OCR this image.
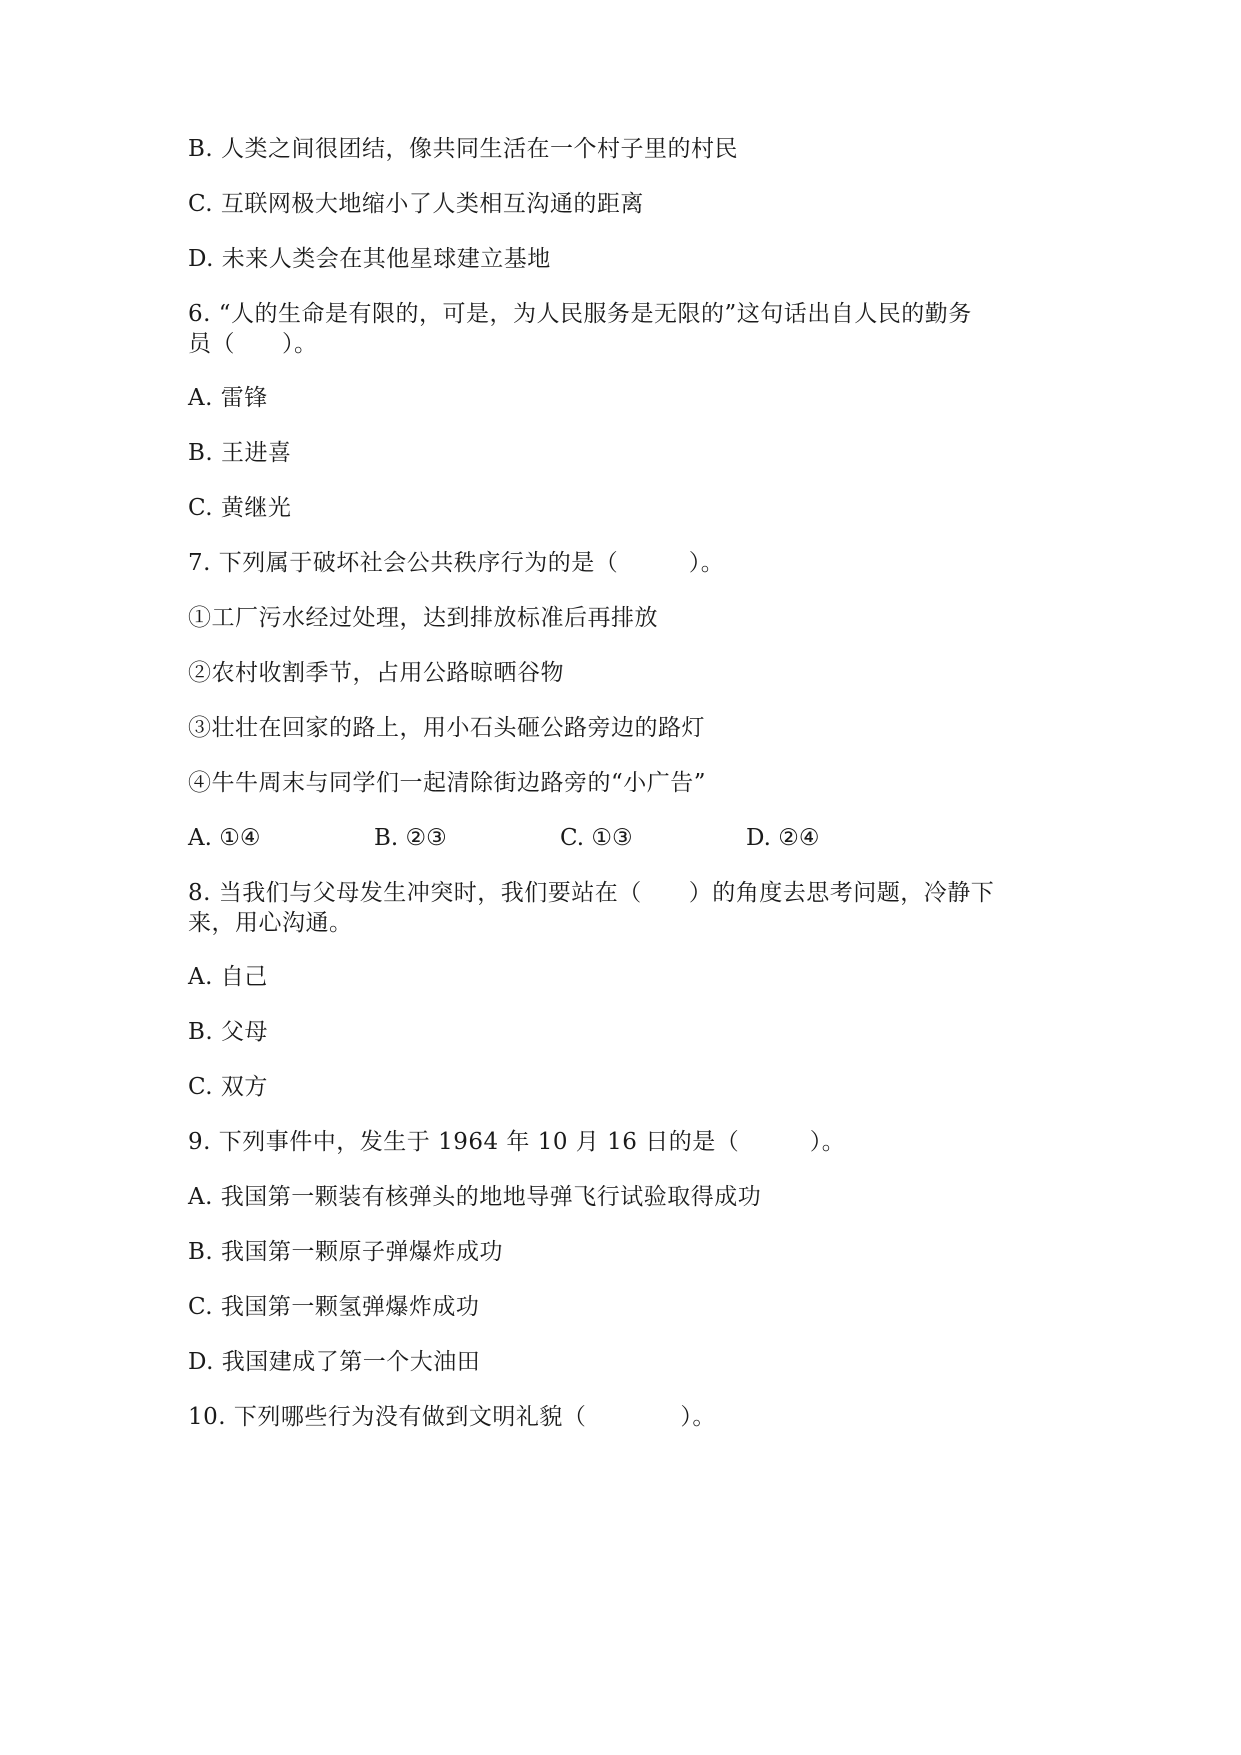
B. 人类之间很团结，像共同生活在一个村子里的村民
C. 互联网极大地缩小了人类相互沟通的距离
D. 未来人类会在其他星球建立基地
6. “人的生命是有限的，可是，为人民服务是无限的”这句话出自人民的勤务
员（　　）。
A. 雷锋
B. 王进喜
C. 黄继光
7. 下列属于破坏社会公共秩序行为的是（　　　）。
①工厂污水经过处理，达到排放标准后再排放
②农村收割季节，占用公路晾晒谷物
③壮壮在回家的路上，用小石头砸公路旁边的路灯
④牛牛周末与同学们一起清除街边路旁的“小广告”
A. ①④	B. ②③	C. ①③	D. ②④
8. 当我们与父母发生冲突时，我们要站在（　　）的角度去思考问题，冷静下
来，用心沟通。
A. 自己
B. 父母
C. 双方
9. 下列事件中，发生于 1964 年 10 月 16 日的是（　　　）。
A. 我国第一颗装有核弹头的地地导弹飞行试验取得成功
B. 我国第一颗原子弹爆炸成功
C. 我国第一颗氢弹爆炸成功
D. 我国建成了第一个大油田
10. 下列哪些行为没有做到文明礼貌（　　　　）。
